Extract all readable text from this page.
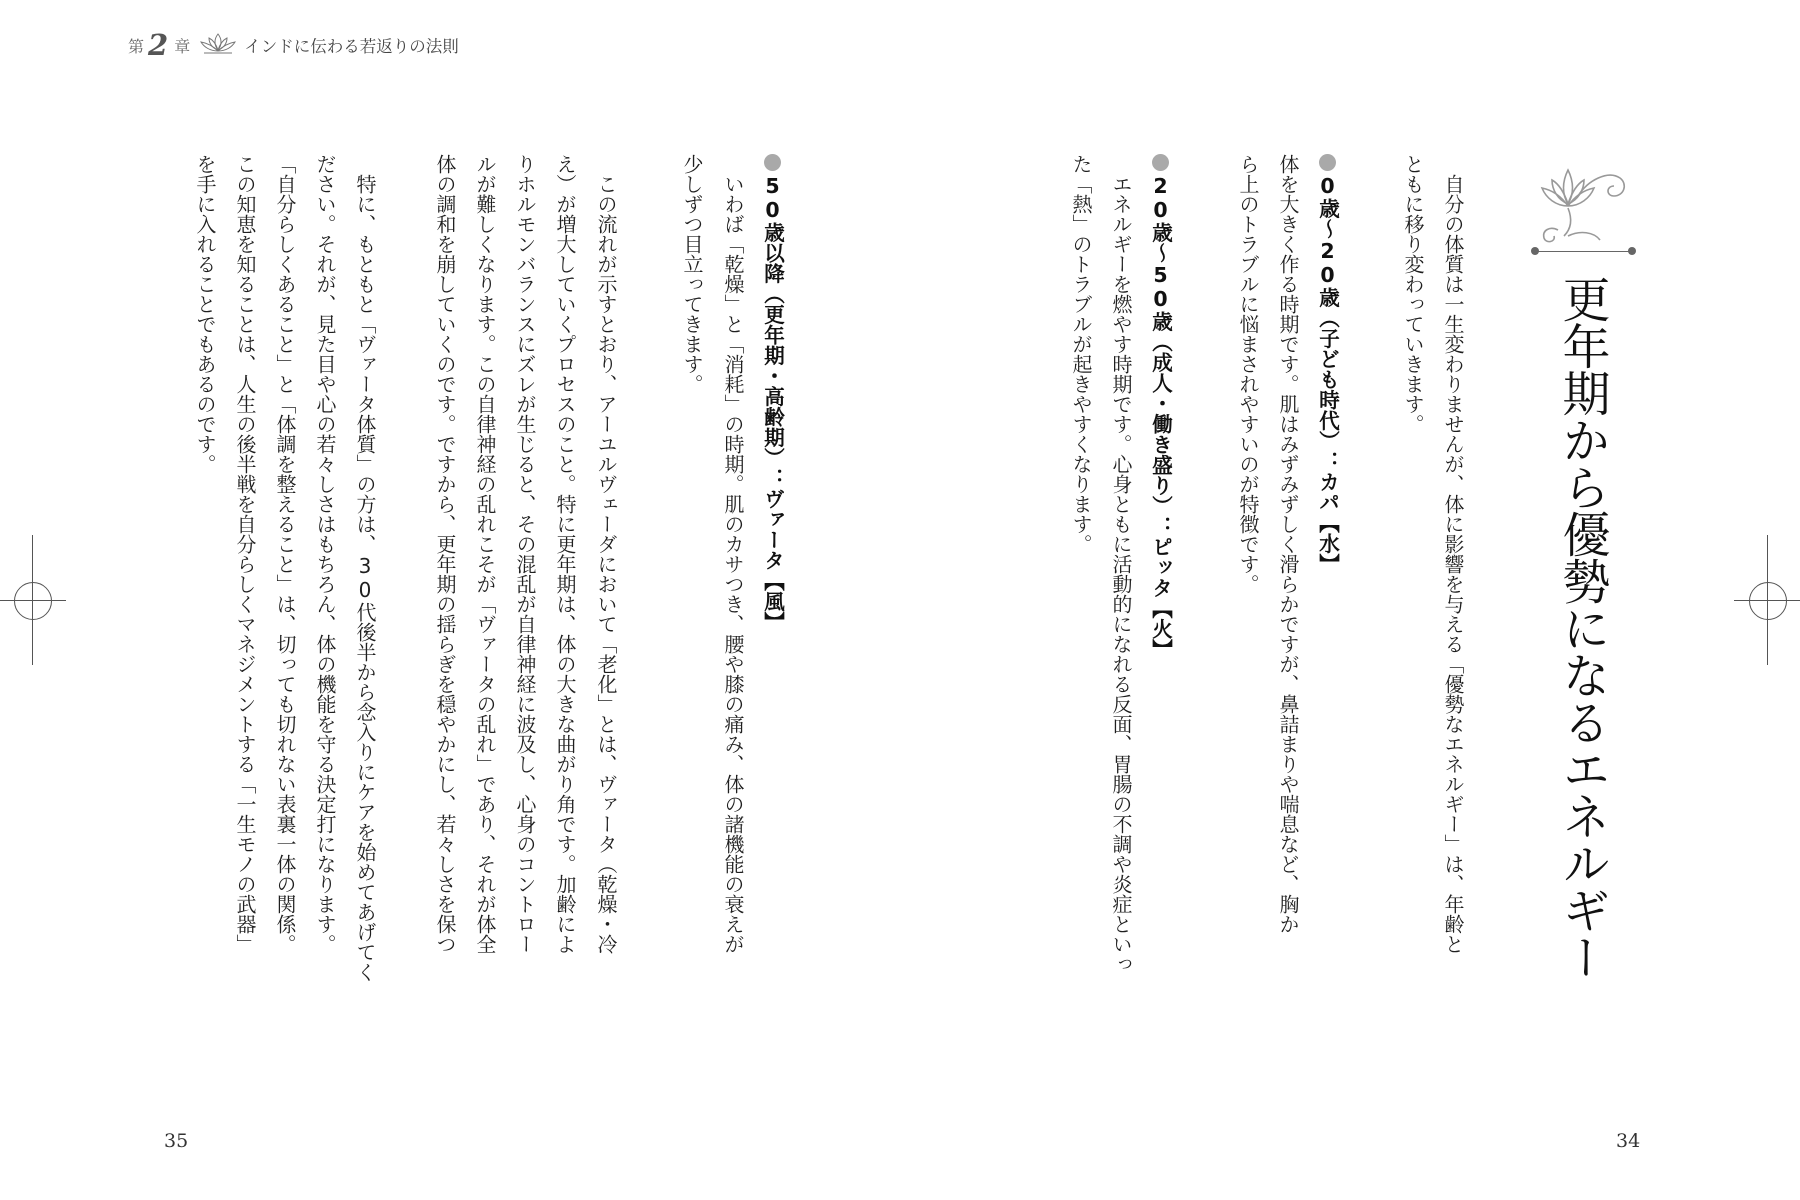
第 2 章	インドに伝わる若返りの法則
更年期から優勢になるエネルギー
自分の体質は一生変わりませんが、体に影響を与える「優勢なエネルギー」は、年齢と
ともに移り変わっていきます。
0歳〜20歳（子ども時代）：カパ【水】
体を大きく作る時期です。肌はみずみずしく滑らかですが、鼻詰まりや喘息など、胸か
ら上のトラブルに悩まされやすいのが特徴です。
20歳〜50歳（成人・働き盛り）：ピッタ【火】
エネルギーを燃やす時期です。心身ともに活動的になれる反面、胃腸の不調や炎症といっ
た「熱」のトラブルが起きやすくなります。
34
50歳以降（更年期・高齢期）：ヴァータ【風】
いわば「乾燥」と「消耗」の時期。肌のカサつき、腰や膝の痛み、体の諸機能の衰えが
少しずつ目立ってきます。
この流れが示すとおり、アーユルヴェーダにおいて「老化」とは、ヴァータ（乾燥・冷
え）が増大していくプロセスのこと。特に更年期は、体の大きな曲がり角です。加齢によ
りホルモンバランスにズレが生じると、その混乱が自律神経に波及し、心身のコントロー
ルが難しくなります。この自律神経の乱れこそが「ヴァータの乱れ」であり、それが体全
体の調和を崩していくのです。ですから、更年期の揺らぎを穏やかにし、若々しさを保つ
特に、もともと「ヴァータ体質」の方は、30代後半から念入りにケアを始めてあげてく
ださい。それが、見た目や心の若々しさはもちろん、体の機能を守る決定打になります。
「自分らしくあること」と「体調を整えること」は、切っても切れない表裏一体の関係。
この知恵を知ることは、人生の後半戦を自分らしくマネジメントする「一生モノの武器」
を手に入れることでもあるのです。
35
